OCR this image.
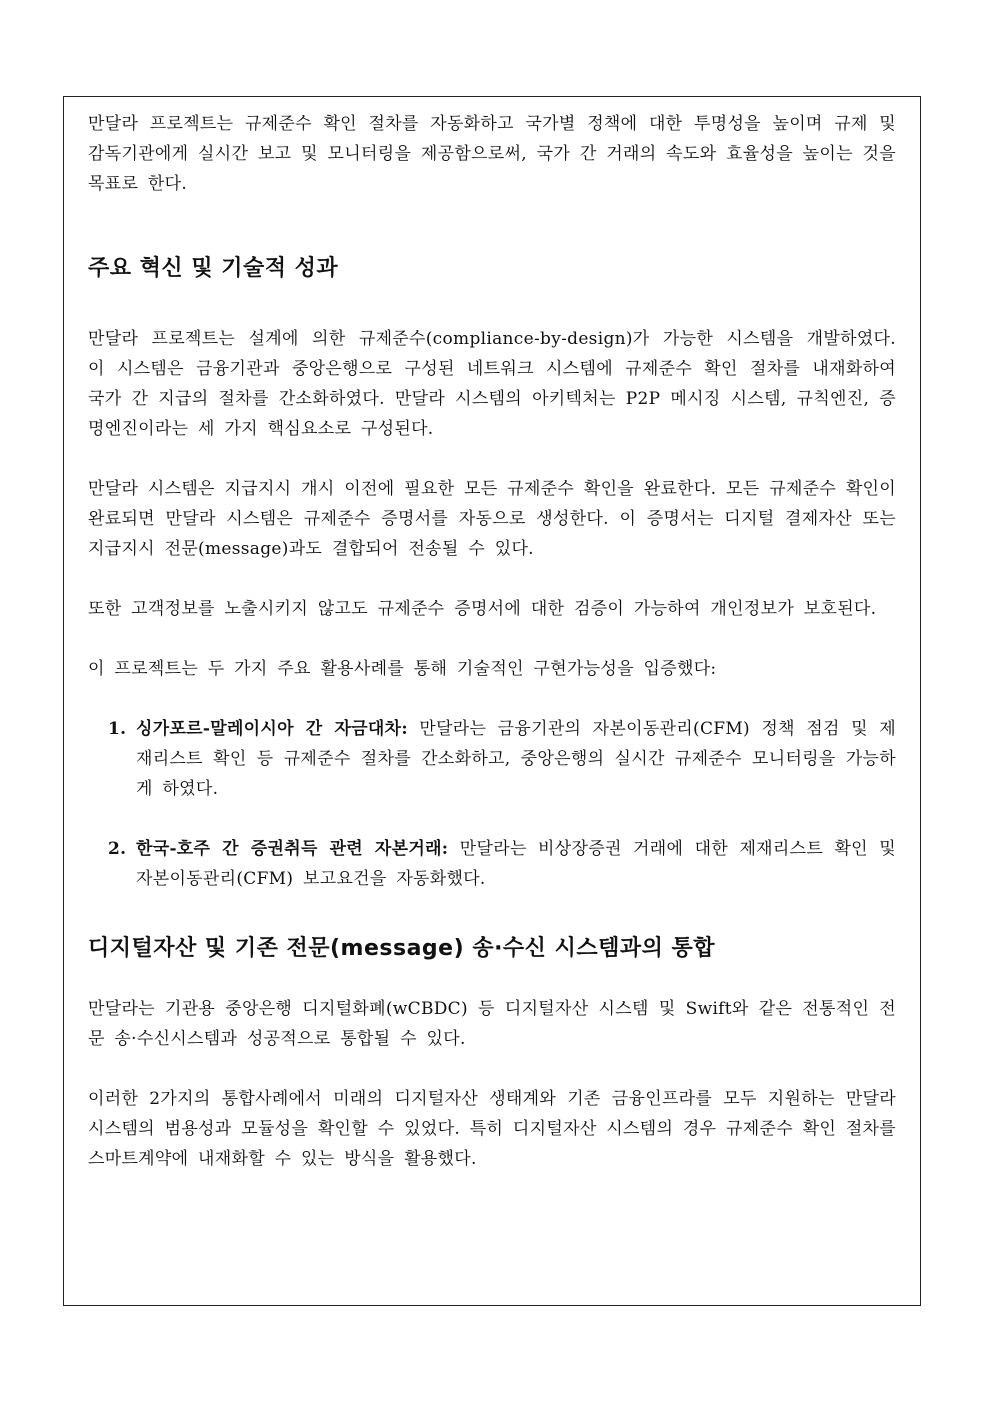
만달라 프로젝트는 규제준수 확인 절차를 자동화하고 국가별 정책에 대한 투명성을 높이며 규제 및 감독기관에게 실시간 보고 및 모니터링을 제공함으로써, 국가 간 거래의 속도와 효율성을 높이는 것을 목표로 한다.

주요 혁신 및 기술적 성과

만달라 프로젝트는 설계에 의한 규제준수(compliance-by-design)가 가능한 시스템을 개발하였다. 이 시스템은 금융기관과 중앙은행으로 구성된 네트워크 시스템에 규제준수 확인 절차를 내재화하여 국가 간 지급의 절차를 간소화하였다. 만달라 시스템의 아키텍처는 P2P 메시징 시스템, 규칙엔진, 증명엔진이라는 세 가지 핵심요소로 구성된다.

만달라 시스템은 지급지시 개시 이전에 필요한 모든 규제준수 확인을 완료한다. 모든 규제준수 확인이 완료되면 만달라 시스템은 규제준수 증명서를 자동으로 생성한다. 이 증명서는 디지털 결제자산 또는 지급지시 전문(message)과도 결합되어 전송될 수 있다.

또한 고객정보를 노출시키지 않고도 규제준수 증명서에 대한 검증이 가능하여 개인정보가 보호된다.

이 프로젝트는 두 가지 주요 활용사례를 통해 기술적인 구현가능성을 입증했다:

1. 싱가포르-말레이시아 간 자금대차: 만달라는 금융기관의 자본이동관리(CFM) 정책 점검 및 제재리스트 확인 등 규제준수 절차를 간소화하고, 중앙은행의 실시간 규제준수 모니터링을 가능하게 하였다.
2. 한국-호주 간 증권취득 관련 자본거래: 만달라는 비상장증권 거래에 대한 제재리스트 확인 및 자본이동관리(CFM) 보고요건을 자동화했다.
디지털자산 및 기존 전문(message) 송·수신 시스템과의 통합

만달라는 기관용 중앙은행 디지털화폐(wCBDC) 등 디지털자산 시스템 및 Swift와 같은 전통적인 전문 송·수신시스템과 성공적으로 통합될 수 있다.

이러한 2가지의 통합사례에서 미래의 디지털자산 생태계와 기존 금융인프라를 모두 지원하는 만달라 시스템의 범용성과 모듈성을 확인할 수 있었다. 특히 디지털자산 시스템의 경우 규제준수 확인 절차를 스마트계약에 내재화할 수 있는 방식을 활용했다.
